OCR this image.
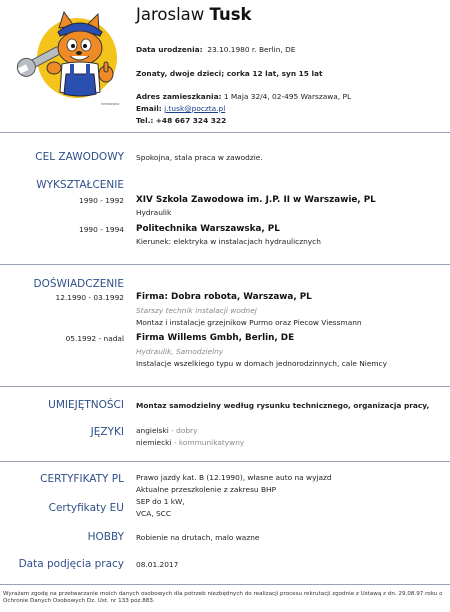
kreskowka
Jaroslaw Tusk
Data urodzenia: 23.10.1980 r. Berlin, DE
Zonaty, dwoje dzieci; corka 12 lat, syn 15 lat
Adres zamieszkania: 1 Maja 32/4, 02-495 Warszawa, PL
Email: j.tusk@poczta.pl
Tel.: +48 667 324 322
CEL ZAWODOWY Spokojna, stala praca w zawodzie.
WYKSZTAŁCENIE
1990 - 1992 XIV Szkola Zawodowa im. J.P. II w Warszawie, PL
Hydraulik
1990 - 1994 Politechnika Warszawska, PL
Kierunek: elektryka w instalacjach hydraulicznych
DOŚWIADCZENIE
12.1990 - 03.1992 Firma: Dobra robota, Warszawa, PL
Starszy technik instalacji wodnej
Montaz i instalacje grzejnikow Purmo oraz Piecow Viessmann
05.1992 - nadal Firma Willems Gmbh, Berlin, DE
Hydraulik, Samodzielny
Instalacje wszelkiego typu w domach jednorodzinnych, cale Niemcy
UMIEJĘTNOŚCI Montaz samodzielny według rysunku technicznego, organizacja pracy,
JĘZYKI angielski - dobry
niemiecki - kommunikatywny
CERTYFIKATY PL Prawo jazdy kat. B (12.1990), własne auto na wyjazd
Aktualne przeszkolenie z zakresu BHP
Certyfikaty EU
SEP do 1 kW,
VCA, SCC
HOBBY Robienie na drutach, malo wazne
Data podjęcia pracy 08.01.2017
Wyrażam zgodę na przetwarzanie moich danych osobowych dla potrzeb niezbędnych do realizacji procesu rekrutacji zgodnie z Ustawą z dn. 29.08.97 roku o Ochronie Danych Osobowych Dz. Ust. nr 133 poz.883.
